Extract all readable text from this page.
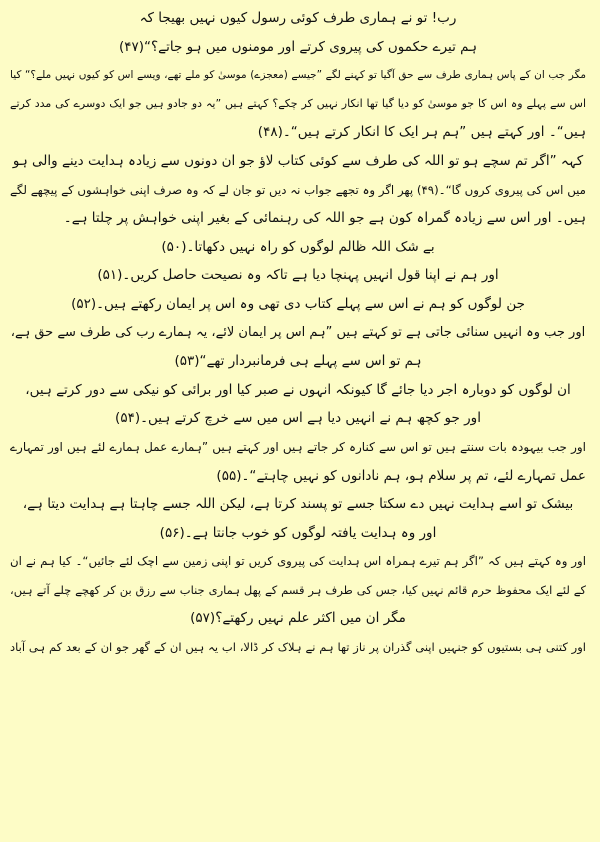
رب! تو نے ہماری طرف کوئی رسول کیوں نہیں بھیجا کہ
ہم تیرے حکموں کی پیروی کرتے اور مومنوں میں ہو جاتے؟“(۴۷)
مگر جب ان کے پاس ہماری طرف سے حق آگیا تو کہنے لگے ”جیسے (معجزے) موسیٰ کو ملے تھے، ویسے اس کو کیوں نہیں ملے؟“ کیا
اس سے پہلے وہ اس کا جو موسیٰ کو دیا گیا تھا انکار نہیں کر چکے؟ کہتے ہیں ”یہ دو جادو ہیں جو ایک دوسرے کی مدد کرتے
ہیں“۔ اور کہتے ہیں ”ہم ہر ایک کا انکار کرتے ہیں“۔(۴۸)
کہہ ”اگر تم سچے ہو تو اللہ کی طرف سے کوئی کتاب لاؤ جو ان دونوں سے زیادہ ہدایت دینے والی ہو
میں اس کی پیروی کروں گا“۔(۴۹) پھر اگر وہ تجھے جواب نہ دیں تو جان لے کہ وہ صرف اپنی خواہشوں کے پیچھے لگے
ہیں۔ اور اس سے زیادہ گمراہ کون ہے جو اللہ کی رہنمائی کے بغیر اپنی خواہش پر چلتا ہے۔
بے شک اللہ ظالم لوگوں کو راہ نہیں دکھاتا۔(۵۰)
اور ہم نے اپنا قول انہیں پہنچا دیا ہے تاکہ وہ نصیحت حاصل کریں۔(۵۱)
جن لوگوں کو ہم نے اس سے پہلے کتاب دی تھی وہ اس پر ایمان رکھتے ہیں۔(۵۲)
اور جب وہ انہیں سنائی جاتی ہے تو کہتے ہیں ”ہم اس پر ایمان لائے، یہ ہمارے رب کی طرف سے حق ہے،
ہم تو اس سے پہلے ہی فرمانبردار تھے“(۵۳)
ان لوگوں کو دوبارہ اجر دیا جائے گا کیونکہ انہوں نے صبر کیا اور برائی کو نیکی سے دور کرتے ہیں،
اور جو کچھ ہم نے انہیں دیا ہے اس میں سے خرچ کرتے ہیں۔(۵۴)
اور جب بیہودہ بات سنتے ہیں تو اس سے کنارہ کر جاتے ہیں اور کہتے ہیں ”ہمارے عمل ہمارے لئے ہیں اور تمہارے
عمل تمہارے لئے، تم پر سلام ہو، ہم نادانوں کو نہیں چاہتے“۔(۵۵)
بیشک تو اسے ہدایت نہیں دے سکتا جسے تو پسند کرتا ہے، لیکن اللہ جسے چاہتا ہے ہدایت دیتا ہے،
اور وہ ہدایت یافتہ لوگوں کو خوب جانتا ہے۔(۵۶)
اور وہ کہتے ہیں کہ ”اگر ہم تیرے ہمراہ اس ہدایت کی پیروی کریں تو اپنی زمین سے اچک لئے جائیں“۔ کیا ہم نے ان
کے لئے ایک محفوظ حرم قائم نہیں کیا، جس کی طرف ہر قسم کے پھل ہماری جناب سے رزق بن کر کھچے چلے آتے ہیں،
مگر ان میں اکثر علم نہیں رکھتے؟(۵۷)
اور کتنی ہی بستیوں کو جنہیں اپنی گذران پر ناز تھا ہم نے ہلاک کر ڈالا، اب یہ ہیں ان کے گھر جو ان کے بعد کم ہی آباد
